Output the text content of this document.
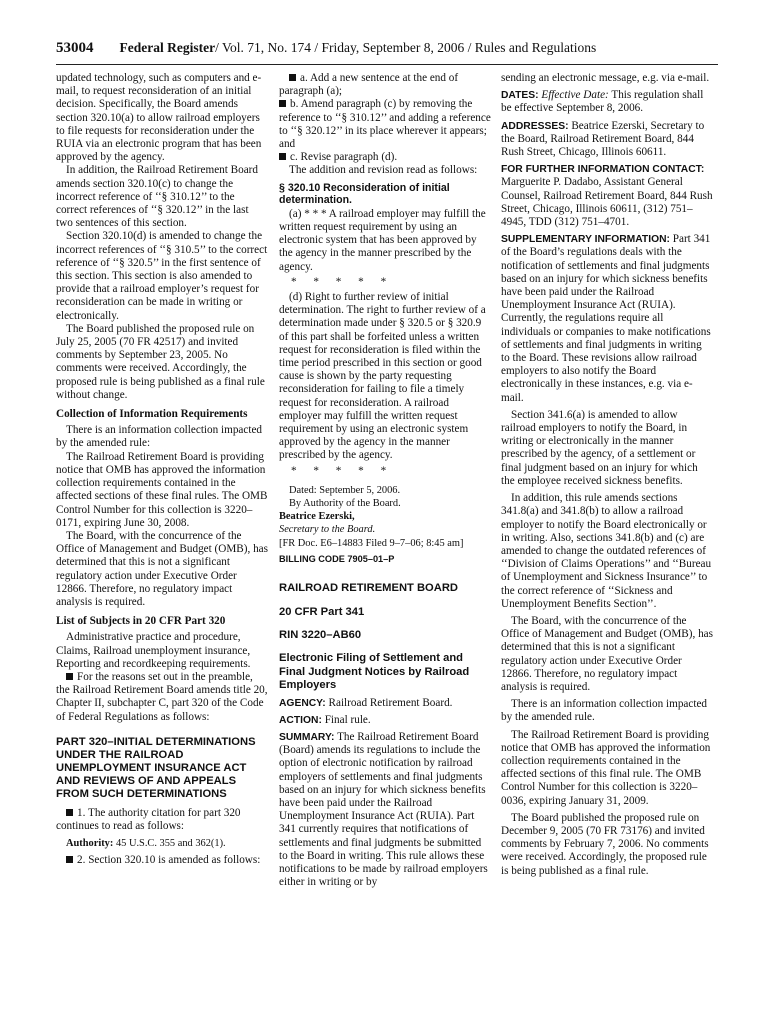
53004 Federal Register/ Vol. 71, No. 174 / Friday, September 8, 2006 / Rules and Regulations

updated technology, such as computers and e-mail, to request reconsideration of an initial decision. Specifically, the Board amends section 320.10(a) to allow railroad employers to file requests for reconsideration under the RUIA via an electronic program that has been approved by the agency.

In addition, the Railroad Retirement Board amends section 320.10(c) to change the incorrect reference of ‘‘§ 310.12’’ to the correct references of ‘‘§ 320.12’’ in the last two sentences of this section.

Section 320.10(d) is amended to change the incorrect references of ‘‘§ 310.5’’ to the correct reference of ‘‘§ 320.5’’ in the first sentence of this section. This section is also amended to provide that a railroad employer’s request for reconsideration can be made in writing or electronically.

The Board published the proposed rule on July 25, 2005 (70 FR 42517) and invited comments by September 23, 2005. No comments were received. Accordingly, the proposed rule is being published as a final rule without change.

Collection of Information Requirements

There is an information collection impacted by the amended rule:

The Railroad Retirement Board is providing notice that OMB has approved the information collection requirements contained in the affected sections of these final rules. The OMB Control Number for this collection is 3220–0171, expiring June 30, 2008.

The Board, with the concurrence of the Office of Management and Budget (OMB), has determined that this is not a significant regulatory action under Executive Order 12866. Therefore, no regulatory impact analysis is required.

List of Subjects in 20 CFR Part 320

Administrative practice and procedure, Claims, Railroad unemployment insurance, Reporting and recordkeeping requirements.

For the reasons set out in the preamble, the Railroad Retirement Board amends title 20, Chapter II, subchapter C, part 320 of the Code of Federal Regulations as follows:

PART 320–INITIAL DETERMINATIONS UNDER THE RAILROAD UNEMPLOYMENT INSURANCE ACT AND REVIEWS OF AND APPEALS FROM SUCH DETERMINATIONS

1. The authority citation for part 320 continues to read as follows:

Authority: 45 U.S.C. 355 and 362(1).

2. Section 320.10 is amended as follows:

a. Add a new sentence at the end of paragraph (a);

b. Amend paragraph (c) by removing the reference to ‘‘§ 310.12’’ and adding a reference to ‘‘§ 320.12’’ in its place wherever it appears; and

c. Revise paragraph (d).

The addition and revision read as follows:

§ 320.10 Reconsideration of initial determination.

(a) * * * A railroad employer may fulfill the written request requirement by using an electronic system that has been approved by the agency in the manner prescribed by the agency.

* * * * *

(d) Right to further review of initial determination. The right to further review of a determination made under § 320.5 or § 320.9 of this part shall be forfeited unless a written request for reconsideration is filed within the time period prescribed in this section or good cause is shown by the party requesting reconsideration for failing to file a timely request for reconsideration. A railroad employer may fulfill the written request requirement by using an electronic system approved by the agency in the manner prescribed by the agency.

* * * * *

Dated: September 5, 2006.

By Authority of the Board.

Beatrice Ezerski,

Secretary to the Board.

[FR Doc. E6–14883 Filed 9–7–06; 8:45 am]

BILLING CODE 7905–01–P
RAILROAD RETIREMENT BOARD
20 CFR Part 341
RIN 3220–AB60
Electronic Filing of Settlement and Final Judgment Notices by Railroad Employers

AGENCY: Railroad Retirement Board.

ACTION: Final rule.

SUMMARY: The Railroad Retirement Board (Board) amends its regulations to include the option of electronic notification by railroad employers of settlements and final judgments based on an injury for which sickness benefits have been paid under the Railroad Unemployment Insurance Act (RUIA). Part 341 currently requires that notifications of settlements and final judgments be submitted to the Board in writing. This rule allows these notifications to be made by railroad employers either in writing or by

sending an electronic message, e.g. via e-mail.

DATES: Effective Date: This regulation shall be effective September 8, 2006.

ADDRESSES: Beatrice Ezerski, Secretary to the Board, Railroad Retirement Board, 844 Rush Street, Chicago, Illinois 60611.

FOR FURTHER INFORMATION CONTACT: Marguerite P. Dadabo, Assistant General Counsel, Railroad Retirement Board, 844 Rush Street, Chicago, Illinois 60611, (312) 751–4945, TDD (312) 751–4701.

SUPPLEMENTARY INFORMATION: Part 341 of the Board’s regulations deals with the notification of settlements and final judgments based on an injury for which sickness benefits have been paid under the Railroad Unemployment Insurance Act (RUIA). Currently, the regulations require all individuals or companies to make notifications of settlements and final judgments in writing to the Board. These revisions allow railroad employers to also notify the Board electronically in these instances, e.g. via e-mail.

Section 341.6(a) is amended to allow railroad employers to notify the Board, in writing or electronically in the manner prescribed by the agency, of a settlement or final judgment based on an injury for which the employee received sickness benefits.

In addition, this rule amends sections 341.8(a) and 341.8(b) to allow a railroad employer to notify the Board electronically or in writing. Also, sections 341.8(b) and (c) are amended to change the outdated references of ‘‘Division of Claims Operations’’ and ‘‘Bureau of Unemployment and Sickness Insurance’’ to the correct reference of ‘‘Sickness and Unemployment Benefits Section’’.

The Board, with the concurrence of the Office of Management and Budget (OMB), has determined that this is not a significant regulatory action under Executive Order 12866. Therefore, no regulatory impact analysis is required.

There is an information collection impacted by the amended rule.

The Railroad Retirement Board is providing notice that OMB has approved the information collection requirements contained in the affected sections of this final rule. The OMB Control Number for this collection is 3220–0036, expiring January 31, 2009.

The Board published the proposed rule on December 9, 2005 (70 FR 73176) and invited comments by February 7, 2006. No comments were received. Accordingly, the proposed rule is being published as a final rule.
